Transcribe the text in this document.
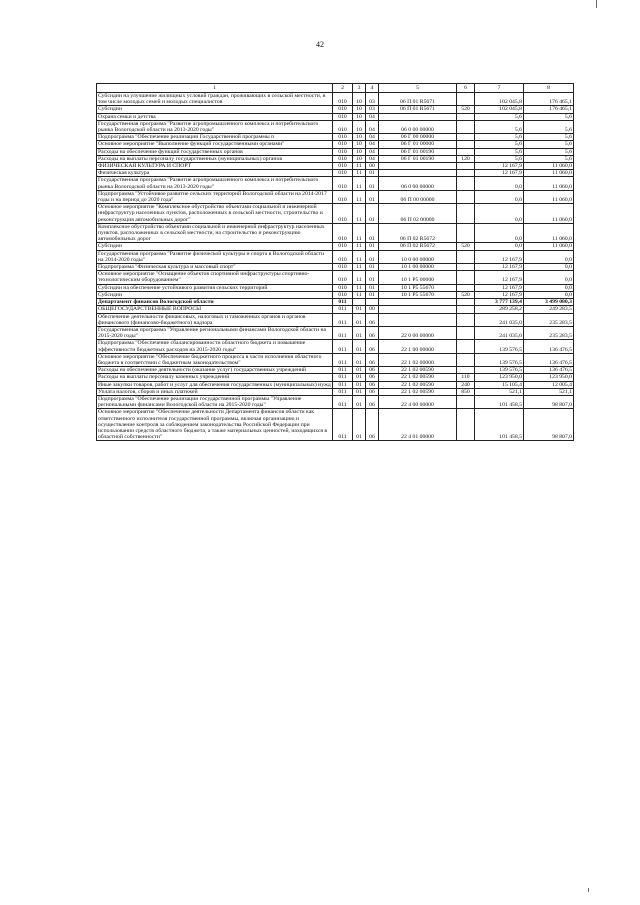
42
1	2	3	4	5	6	7	8
Субсидии на улучшение жилищных условий граждан, проживающих в сельской местности, в том числе молодых семей и молодых специалистов	010	10	03	06 П 01 R5671		102 045,8	176 465,1
Субсидии	010	10	03	06 П 01 R5671	520	102 045,8	176 465,1
Охрана семьи и детства	010	10	04			5,6	5,6
Государственная программа "Развитие агропромышленного комплекса и потребительского рынка Вологодской области на 2013-2020 годы"	010	10	04	06 0 00 00000		5,6	5,6
Подпрограмма "Обеспечение реализации Государственной программы п	010	10	04	06 Г 00 00000		5,6	5,6
Основное мероприятие "Выполнение функций государственными органами"	010	10	04	06 Г 01 00000		5,6	5,6
Расходы на обеспечение функций государственных органов	010	10	04	06 Г 01 00190		5,6	5,6
Расходы на выплаты персоналу государственных (муниципальных) органов	010	10	04	06 Г 01 00190	120	5,6	5,6
ФИЗИЧЕСКАЯ КУЛЬТУРА И СПОРТ	010	11	00			12 167,9	11 060,0
Физическая культура	010	11	01			12 167,9	11 060,0
Государственная программа "Развитие агропромышленного комплекса и потребительского рынка Вологодской области на 2013-2020 годы"	010	11	01	06 0 00 00000		0,0	11 060,0
Подпрограмма "Устойчивое развитие сельских территорий Вологодской области на 2014-2017 годы и на период до 2020 года"	010	11	01	06 П 00 00000		0,0	11 060,0
Основное мероприятие "Комплексное обустройство объектами социальной и инженерной инфраструктур населенных пунктов, расположенных в сельской местности, строительство и реконструкция автомобильных дорог"	010	11	01	06 П 02 00000		0,0	11 060,0
Комплексное обустройство объектами социальной и инженерной инфраструктур населенных пунктов, расположенных в сельской местности, на строительство и реконструкцию автомобильных дорог	010	11	01	06 П 02 R5672		0,0	11 060,0
Субсидии	010	11	01	06 П 02 R5672	520	0,0	11 060,0
Государственная программа "Развитие физической культуры и спорта в Вологодской области на 2014-2020 годы"	010	11	01	10 0 00 00000		12 167,9	0,0
Подпрограмма "Физическая культура и массовый спорт"	010	11	01	10 1 00 00000		12 167,9	0,0
Основное мероприятие "Оснащение объектов спортивной инфраструктуры спортивно-технологическим оборудованием"	010	11	01	10 1 P5 00000		12 167,9	0,0
Субсидии на обеспечение устойчивого развития сельских территорий	010	11	01	10 1 P5 55670		12 167,9	0,0
Субсидии	010	11	01	10 1 P5 55670	520	12 167,9	0,0
Департамент финансов Вологодской области	011					3 777 139,4	3 499 080,3
ОБЩЕГОСУДАРСТВЕННЫЕ ВОПРОСЫ	011	01	00			289 258,2	249 283,5
Обеспечение деятельности финансовых, налоговых и таможенных органов и органов финансового (финансово-бюджетного) надзора	011	01	06			241 035,0	235 283,5
Государственная программа "Управление региональными финансами Вологодской области на 2015-2020 годы"	011	01	06	22 0 00 00000		241 035,0	235 283,5
Подпрограмма "Обеспечение сбалансированности областного бюджета и повышение эффективности бюджетных расходов на 2015-2020 годы"	011	01	06	22 1 00 00000		139 576,5	136 476,5
Основное мероприятие "Обеспечение бюджетного процесса в части исполнения областного бюджета в соответствии с бюджетным законодательством"	011	01	06	22 1 02 00000		139 576,5	136 476,5
Расходы на обеспечение деятельности (оказание услуг) государственных учреждений	011	01	06	22 1 02 00590		139 576,5	136 476,5
Расходы на выплаты персоналу казенных учреждений	011	01	06	22 1 02 00590	110	123 950,0	123 950,0
Иные закупки товаров, работ и услуг для обеспечения государственных (муниципальных) нужд	011	01	06	22 1 02 00590	240	15 105,4	12 005,4
Уплата налогов, сборов и иных платежей	011	01	06	22 1 02 00590	850	521,1	521,1
Подпрограмма "Обеспечение реализации государственной программы "Управление региональными финансами Вологодской области на 2015-2020 годы"	011	01	06	22 4 00 00000		101 458,5	98 807,0
Основное мероприятие "Обеспечение деятельности Департамента финансов области как ответственного исполнителя государственной программы, включая организацию и осуществление контроля за соблюдением законодательства Российской Федерации при использовании средств областного бюджета, а также материальных ценностей, находящихся в областной собственности"	011	01	06	22 4 01 00000		101 458,5	98 807,0
